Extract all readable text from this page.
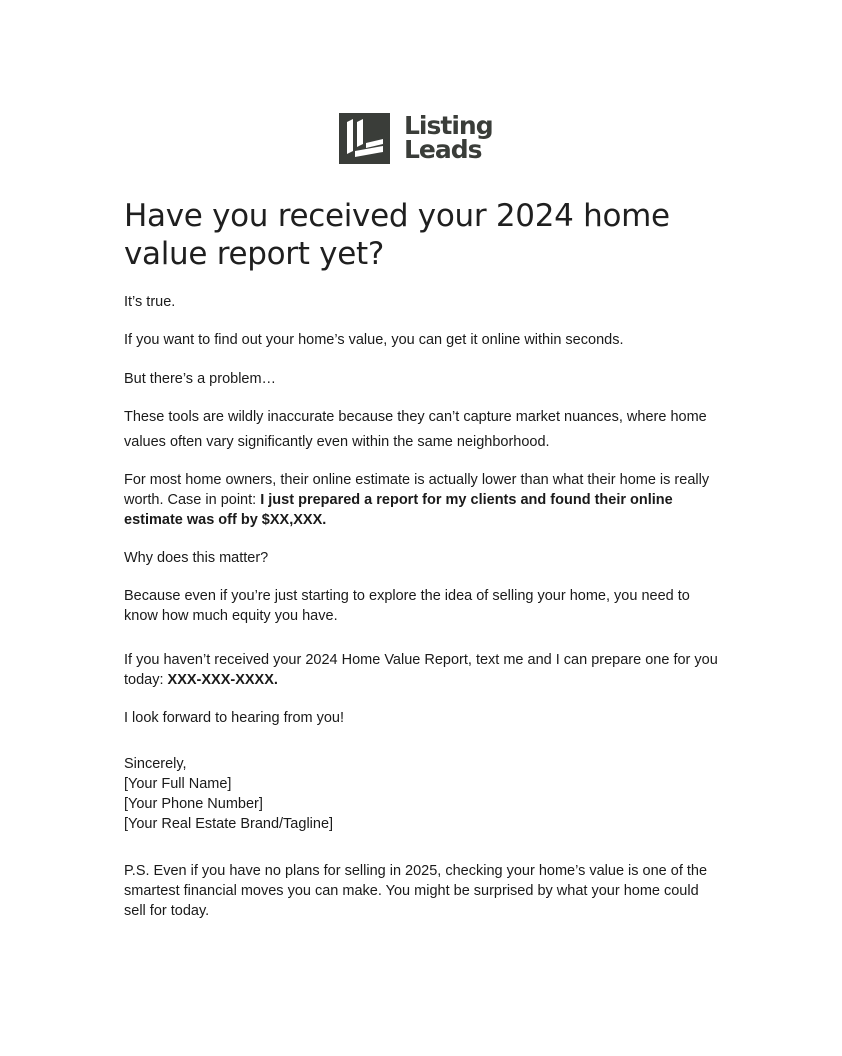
Listing
Leads
Have you received your 2024 home value report yet?

It’s true.

If you want to find out your home’s value, you can get it online within seconds.

But there’s a problem…

These tools are wildly inaccurate because they can’t capture market nuances, where home values often vary significantly even within the same neighborhood.

For most home owners, their online estimate is actually lower than what their home is really worth. Case in point: I just prepared a report for my clients and found their online estimate was off by $XX,XXX.

Why does this matter?

Because even if you’re just starting to explore the idea of selling your home, you need to know how much equity you have.

If you haven’t received your 2024 Home Value Report, text me and I can prepare one for you today: XXX-XXX-XXXX.

I look forward to hearing from you!

Sincerely,

[Your Full Name]

[Your Phone Number]

[Your Real Estate Brand/Tagline]

P.S. Even if you have no plans for selling in 2025, checking your home’s value is one of the smartest financial moves you can make. You might be surprised by what your home could sell for today.
